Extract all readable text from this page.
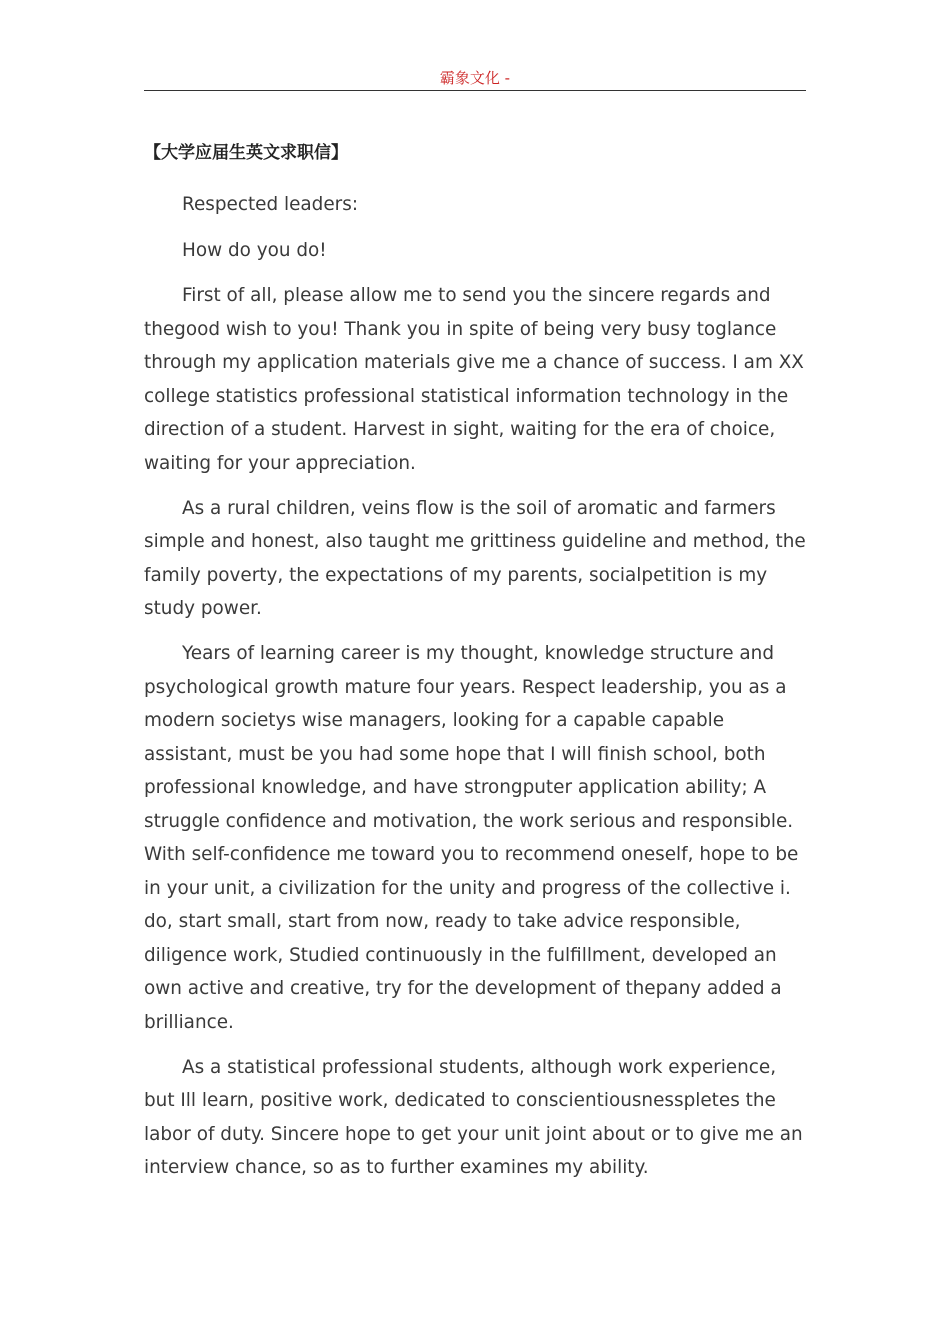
霸象文化 -
【大学应届生英文求职信】

Respected leaders:

How do you do!

First of all, please allow me to send you the sincere regards and thegood wish to you! Thank you in spite of being very busy toglance through my application materials give me a chance of success. I am XX college statistics professional statistical information technology in the direction of a student. Harvest in sight, waiting for the era of choice, waiting for your appreciation.

As a rural children, veins flow is the soil of aromatic and farmers simple and honest, also taught me grittiness guideline and method, the family poverty, the expectations of my parents, socialpetition is my study power.

Years of learning career is my thought, knowledge structure and psychological growth mature four years. Respect leadership, you as a modern societys wise managers, looking for a capable capable assistant, must be you had some hope that I will finish school, both professional knowledge, and have strongputer application ability; A struggle confidence and motivation, the work serious and responsible. With self-confidence me toward you to recommend oneself, hope to be in your unit, a civilization for the unity and progress of the collective i. do, start small, start from now, ready to take advice responsible, diligence work, Studied continuously in the fulfillment, developed an own active and creative, try for the development of thepany added a brilliance.

As a statistical professional students, although work experience, but Ill learn, positive work, dedicated to conscientiousnesspletes the labor of duty. Sincere hope to get your unit joint about or to give me an interview chance, so as to further examines my ability.
